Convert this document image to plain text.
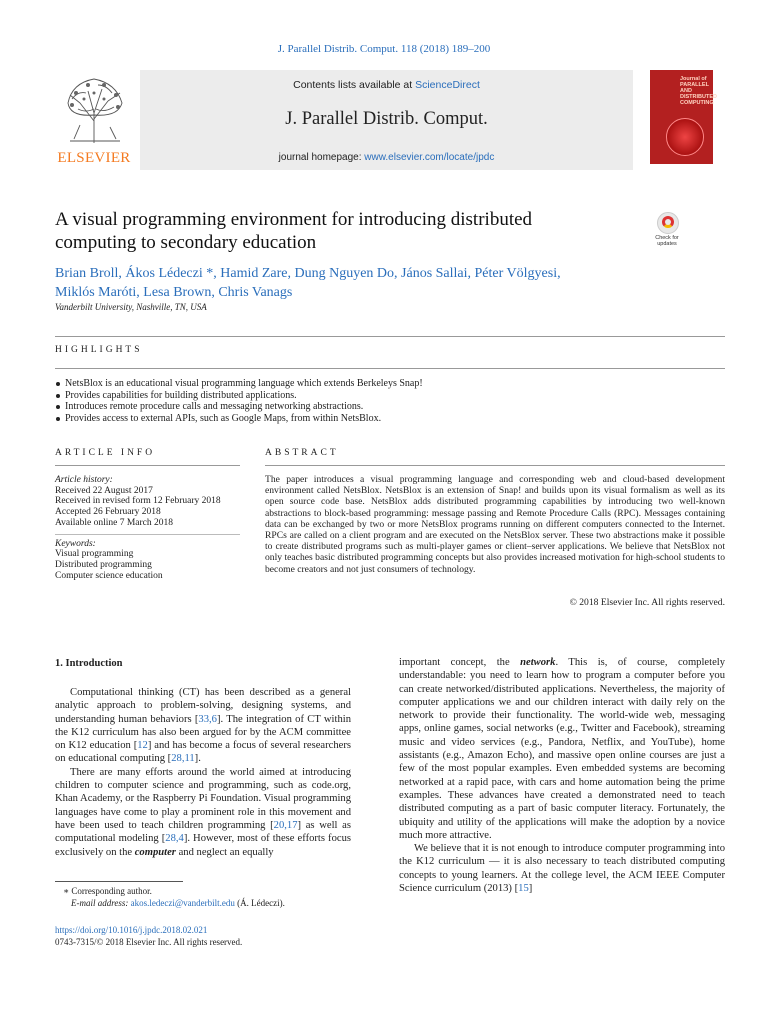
J. Parallel Distrib. Comput. 118 (2018) 189–200
ELSEVIER
Contents lists available at ScienceDirect
J. Parallel Distrib. Comput.
journal homepage: www.elsevier.com/locate/jpdc
Journal of PARALLEL AND DISTRIBUTED COMPUTING
A visual programming environment for introducing distributed computing to secondary education	Check for updates
Brian Broll, Ákos Lédeczi *, Hamid Zare, Dung Nguyen Do, János Sallai, Péter Völgyesi,
Miklós Maróti, Lesa Brown, Chris Vanags
Vanderbilt University, Nashville, TN, USA
HIGHLIGHTS
NetsBlox is an educational visual programming language which extends Berkeleys Snap!
Provides capabilities for building distributed applications.
Introduces remote procedure calls and messaging networking abstractions.
Provides access to external APIs, such as Google Maps, from within NetsBlox.
ARTICLE INFO	ABSTRACT
Article history:
Received 22 August 2017
Received in revised form 12 February 2018
Accepted 26 February 2018
Available online 7 March 2018
Keywords:
Visual programming
Distributed programming
Computer science education
The paper introduces a visual programming language and corresponding web and cloud-based development environment called NetsBlox. NetsBlox is an extension of Snap! and builds upon its visual formalism as well as its open source code base. NetsBlox adds distributed programming capabilities by introducing two well-known abstractions to block-based programming: message passing and Remote Procedure Calls (RPC). Messages containing data can be exchanged by two or more NetsBlox programs running on different computers connected to the Internet. RPCs are called on a client program and are executed on the NetsBlox server. These two abstractions make it possible to create distributed programs such as multi-player games or client–server applications. We believe that NetsBlox not only teaches basic distributed programming concepts but also provides increased motivation for high-school students to become creators and not just consumers of technology.
© 2018 Elsevier Inc. All rights reserved.
1. Introduction

Computational thinking (CT) has been described as a general analytic approach to problem-solving, designing systems, and understanding human behaviors [33,6]. The integration of CT within the K12 curriculum has also been argued for by the ACM committee on K12 education [12] and has become a focus of several researchers on educational computing [28,11].

There are many efforts around the world aimed at introducing children to computer science and programming, such as code.org, Khan Academy, or the Raspberry Pi Foundation. Visual programming languages have come to play a prominent role in this movement and have been used to teach children programming [20,17] as well as computational modeling [28,4]. However, most of these efforts focus exclusively on the computer and neglect an equally

important concept, the network. This is, of course, completely understandable: you need to learn how to program a computer before you can create networked/distributed applications. Nevertheless, the majority of computer applications we and our children interact with daily rely on the network to provide their functionality. The world-wide web, messaging apps, online games, social networks (e.g., Twitter and Facebook), streaming music and video services (e.g., Pandora, Netflix, and YouTube), home assistants (e.g., Amazon Echo), and massive open online courses are just a few of the most popular examples. Even embedded systems are becoming networked at a rapid pace, with cars and home automation being the prime examples. These advances have created a demonstrated need to teach distributed computing as a part of basic computer literacy. Fortunately, the ubiquity and utility of the applications will make the adoption by a novice much more attractive.

We believe that it is not enough to introduce computer programming into the K12 curriculum — it is also necessary to teach distributed computing concepts to young learners. At the college level, the ACM IEEE Computer Science curriculum (2013) [15]

∗ Corresponding author.
E-mail address: akos.ledeczi@vanderbilt.edu (Á. Lédeczi).
https://doi.org/10.1016/j.jpdc.2018.02.021
0743-7315/© 2018 Elsevier Inc. All rights reserved.
